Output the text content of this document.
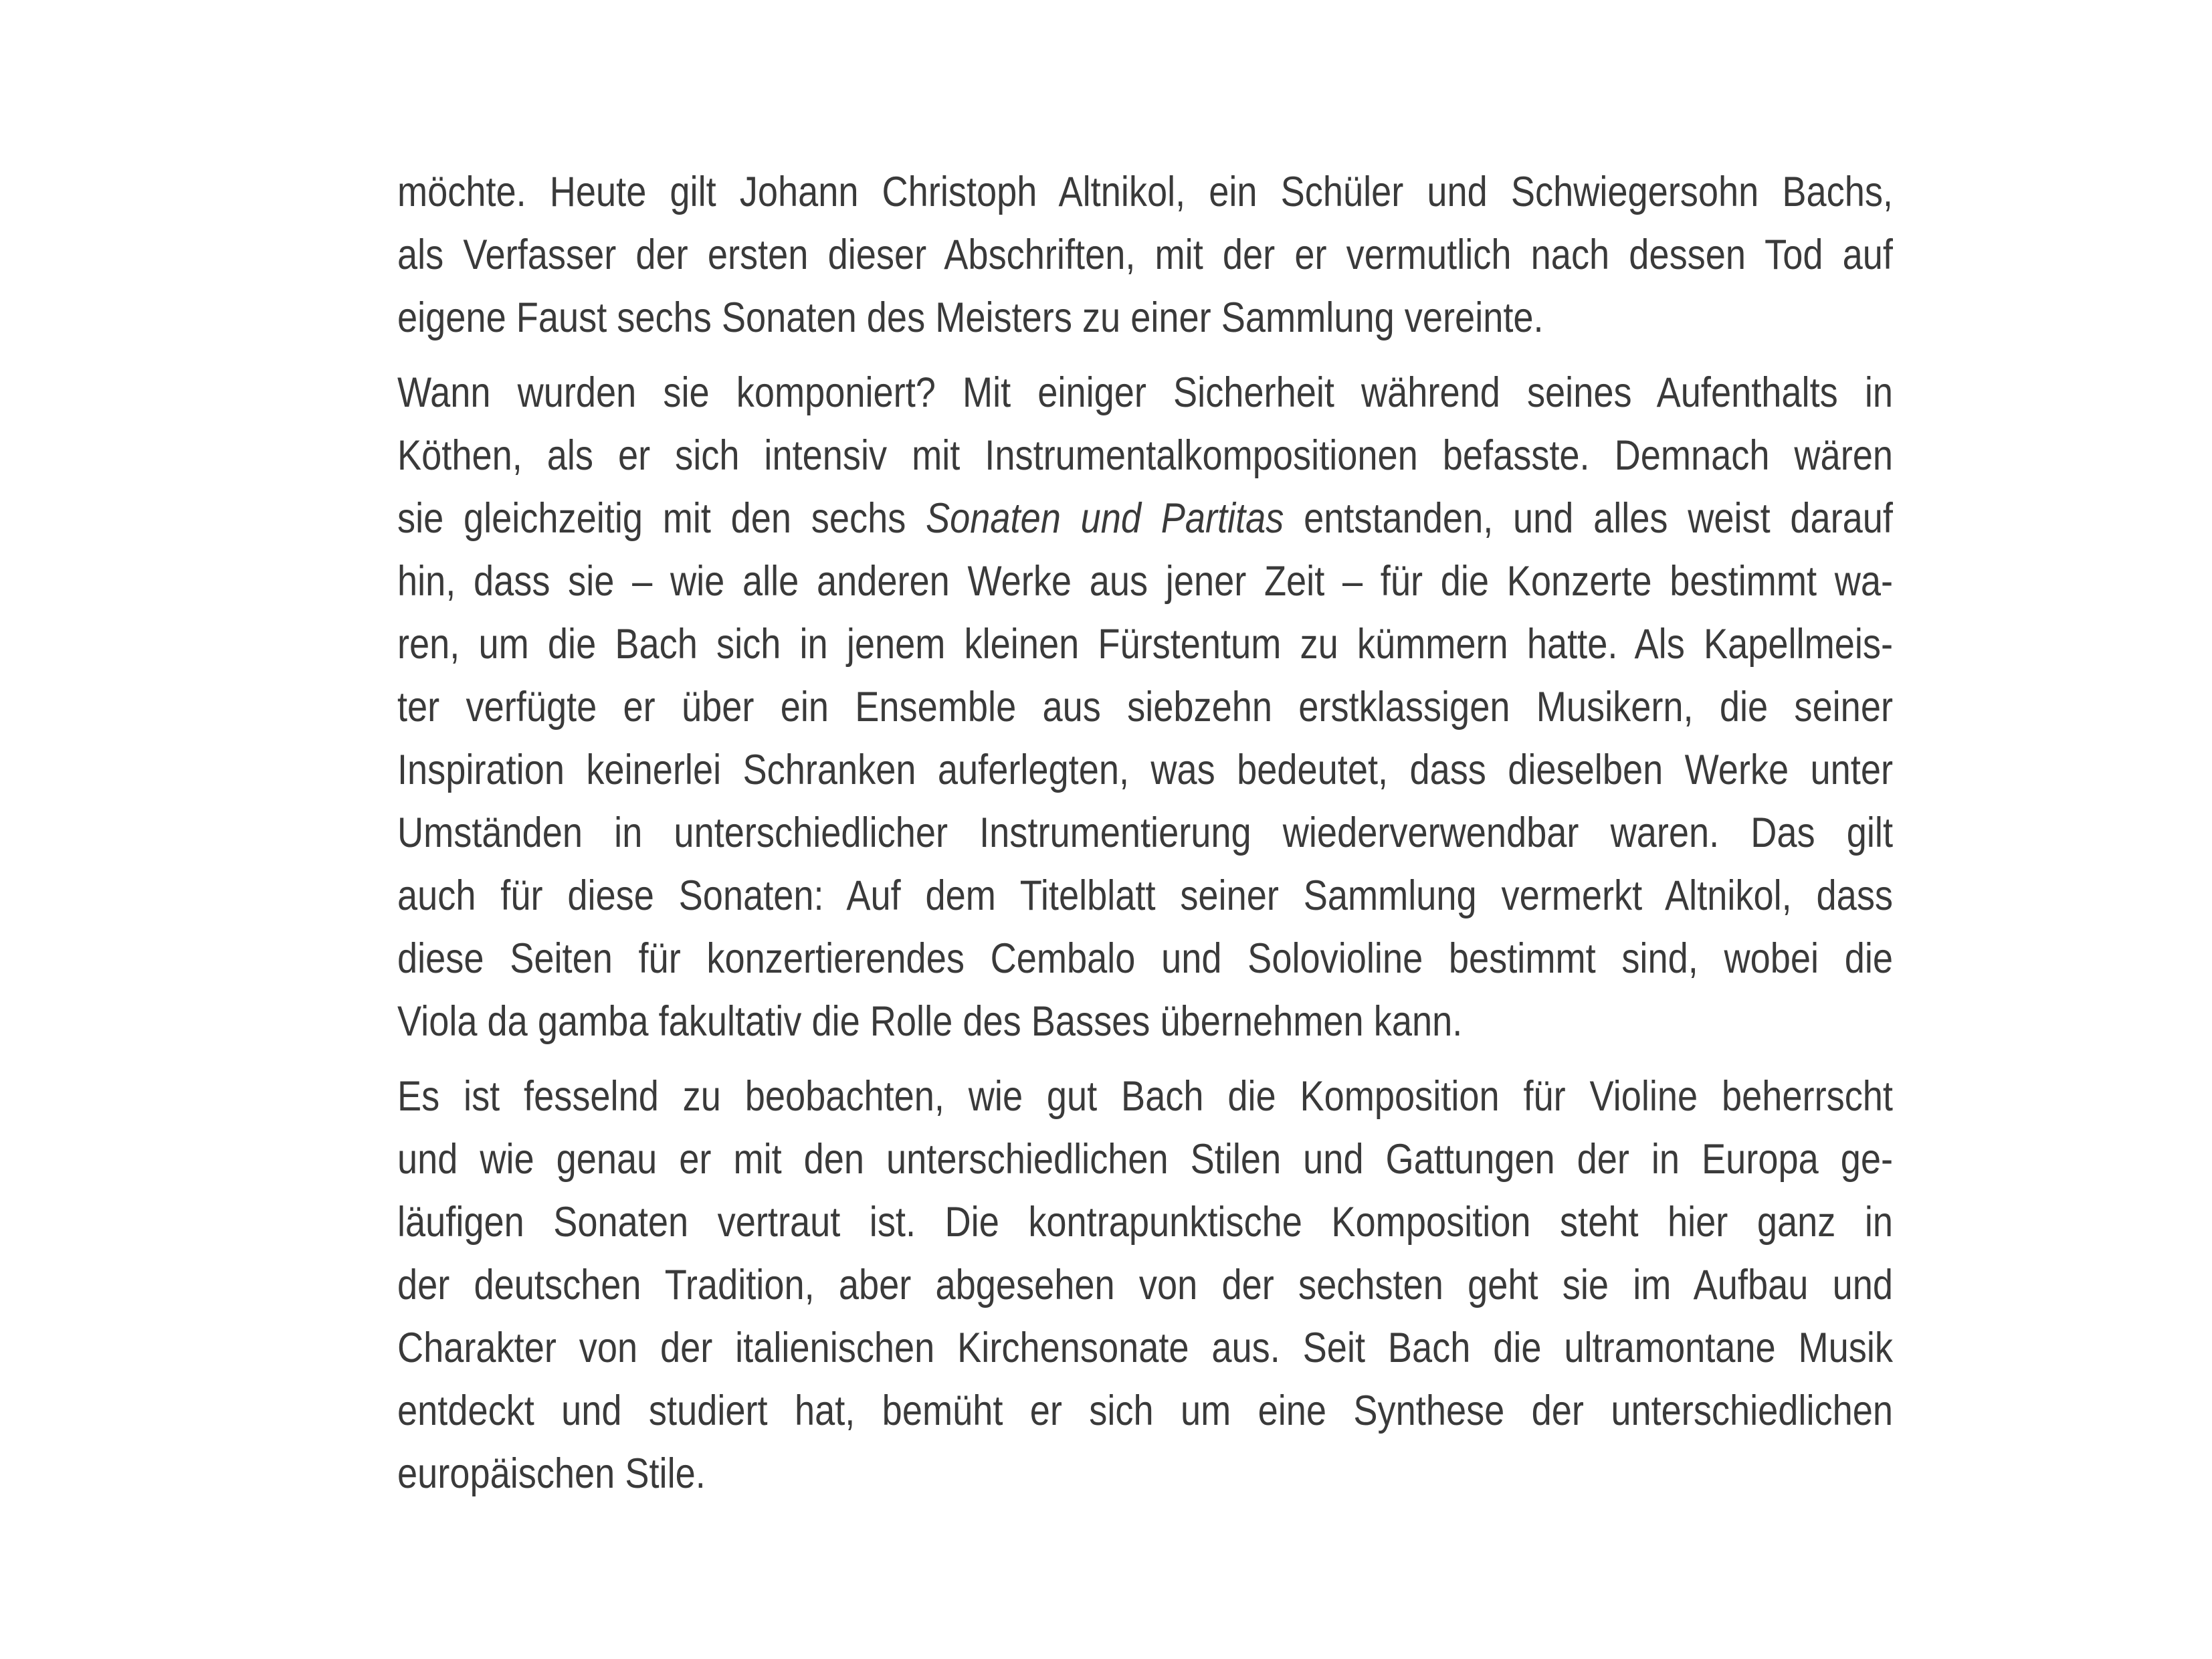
möchte. Heute gilt Johann Christoph Altnikol, ein Schüler und Schwiegersohn Bachs,
als Verfasser der ersten dieser Abschriften, mit der er vermutlich nach dessen Tod auf
eigene Faust sechs Sonaten des Meisters zu einer Sammlung vereinte.

Wann wurden sie komponiert? Mit einiger Sicherheit während seines Aufenthalts in
Köthen, als er sich intensiv mit Instrumentalkompositionen befasste. Demnach wären
sie gleichzeitig mit den sechs Sonaten und Partitas entstanden, und alles weist darauf
hin, dass sie – wie alle anderen Werke aus jener Zeit – für die Konzerte bestimmt wa-
ren, um die Bach sich in jenem kleinen Fürstentum zu kümmern hatte. Als Kapellmeis-
ter verfügte er über ein Ensemble aus siebzehn erstklassigen Musikern, die seiner
Inspiration keinerlei Schranken auferlegten, was bedeutet, dass dieselben Werke unter
Umständen in unterschiedlicher Instrumentierung wiederverwendbar waren. Das gilt
auch für diese Sonaten: Auf dem Titelblatt seiner Sammlung vermerkt Altnikol, dass
diese Seiten für konzertierendes Cembalo und Solovioline bestimmt sind, wobei die
Viola da gamba fakultativ die Rolle des Basses übernehmen kann.

Es ist fesselnd zu beobachten, wie gut Bach die Komposition für Violine beherrscht
und wie genau er mit den unterschiedlichen Stilen und Gattungen der in Europa ge-
läufigen Sonaten vertraut ist. Die kontrapunktische Komposition steht hier ganz in
der deutschen Tradition, aber abgesehen von der sechsten geht sie im Aufbau und
Charakter von der italienischen Kirchensonate aus. Seit Bach die ultramontane Musik
entdeckt und studiert hat, bemüht er sich um eine Synthese der unterschiedlichen
europäischen Stile.
